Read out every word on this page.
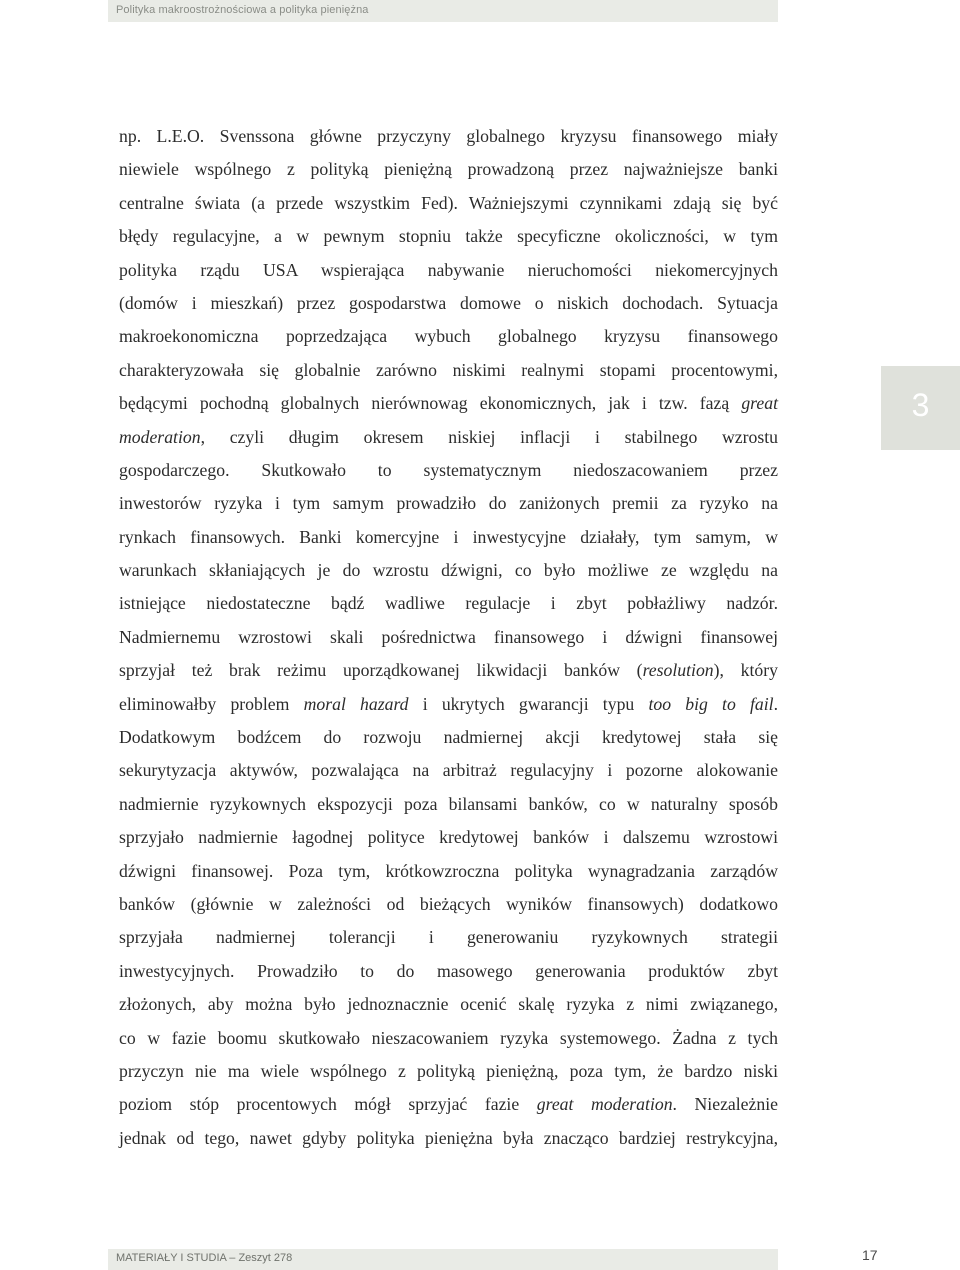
Polityka makroostrożnościowa a polityka pieniężna
3
np. L.E.O. Svenssona główne przyczyny globalnego kryzysu finansowego miały
niewiele wspólnego z polityką pieniężną prowadzoną przez najważniejsze banki
centralne świata (a przede wszystkim Fed). Ważniejszymi czynnikami zdają się być
błędy regulacyjne, a w pewnym stopniu także specyficzne okoliczności, w tym
polityka rządu USA wspierająca nabywanie nieruchomości niekomercyjnych
(domów i mieszkań) przez gospodarstwa domowe o niskich dochodach. Sytuacja
makroekonomiczna poprzedzająca wybuch globalnego kryzysu finansowego
charakteryzowała się globalnie zarówno niskimi realnymi stopami procentowymi,
będącymi pochodną globalnych nierównowag ekonomicznych, jak i tzw. fazą great
moderation, czyli długim okresem niskiej inflacji i stabilnego wzrostu
gospodarczego. Skutkowało to systematycznym niedoszacowaniem przez
inwestorów ryzyka i tym samym prowadziło do zaniżonych premii za ryzyko na
rynkach finansowych. Banki komercyjne i inwestycyjne działały, tym samym, w
warunkach skłaniających je do wzrostu dźwigni, co było możliwe ze względu na
istniejące niedostateczne bądź wadliwe regulacje i zbyt pobłażliwy nadzór.
Nadmiernemu wzrostowi skali pośrednictwa finansowego i dźwigni finansowej
sprzyjał też brak reżimu uporządkowanej likwidacji banków (resolution), który
eliminowałby problem moral hazard i ukrytych gwarancji typu too big to fail.
Dodatkowym bodźcem do rozwoju nadmiernej akcji kredytowej stała się
sekurytyzacja aktywów, pozwalająca na arbitraż regulacyjny i pozorne alokowanie
nadmiernie ryzykownych ekspozycji poza bilansami banków, co w naturalny sposób
sprzyjało nadmiernie łagodnej polityce kredytowej banków i dalszemu wzrostowi
dźwigni finansowej. Poza tym, krótkowzroczna polityka wynagradzania zarządów
banków (głównie w zależności od bieżących wyników finansowych) dodatkowo
sprzyjała nadmiernej tolerancji i generowaniu ryzykownych strategii
inwestycyjnych. Prowadziło to do masowego generowania produktów zbyt
złożonych, aby można było jednoznacznie ocenić skalę ryzyka z nimi związanego,
co w fazie boomu skutkowało nieszacowaniem ryzyka systemowego. Żadna z tych
przyczyn nie ma wiele wspólnego z polityką pieniężną, poza tym, że bardzo niski
poziom stóp procentowych mógł sprzyjać fazie great moderation. Niezależnie
jednak od tego, nawet gdyby polityka pieniężna była znacząco bardziej restrykcyjna,
MATERIAŁY I STUDIA – Zeszyt 278	17
